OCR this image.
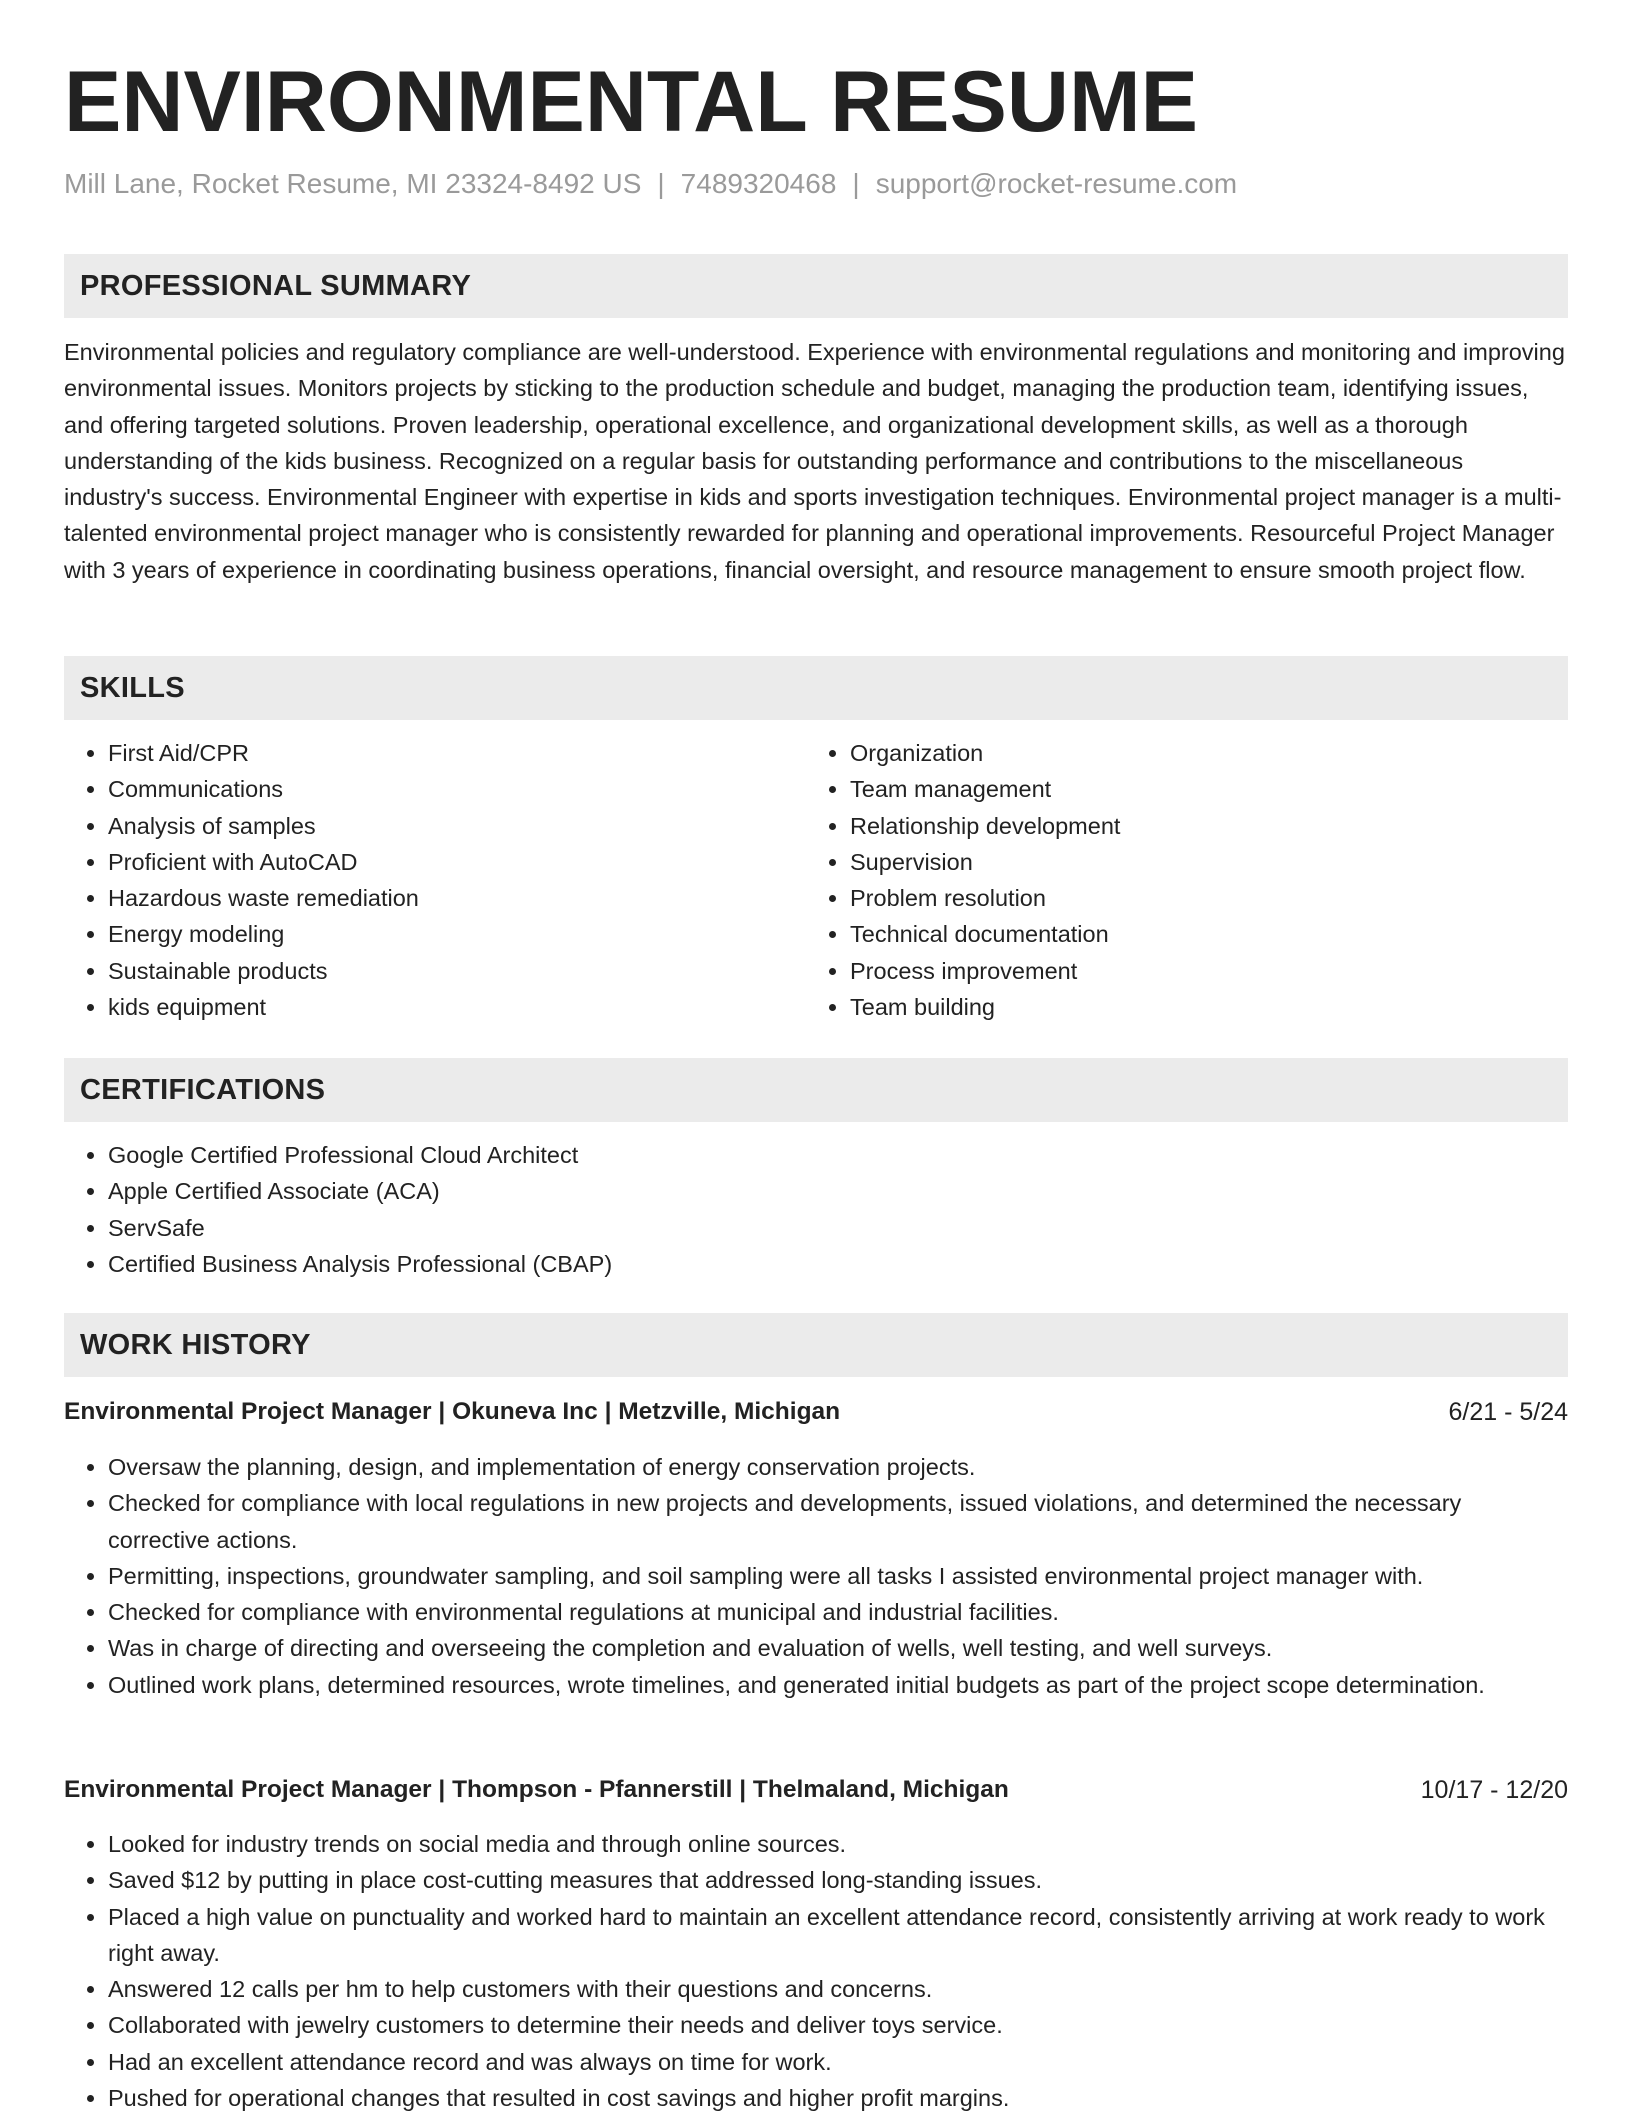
ENVIRONMENTAL RESUME
Mill Lane, Rocket Resume, MI 23324-8492 US | 7489320468 | support@rocket-resume.com
PROFESSIONAL SUMMARY

Environmental policies and regulatory compliance are well-understood. Experience with environmental regulations and monitoring and improving environmental issues. Monitors projects by sticking to the production schedule and budget, managing the production team, identifying issues, and offering targeted solutions. Proven leadership, operational excellence, and organizational development skills, as well as a thorough understanding of the kids business. Recognized on a regular basis for outstanding performance and contributions to the miscellaneous industry's success. Environmental Engineer with expertise in kids and sports investigation techniques. Environmental project manager is a multi-talented environmental project manager who is consistently rewarded for planning and operational improvements. Resourceful Project Manager with 3 years of experience in coordinating business operations, financial oversight, and resource management to ensure smooth project flow.

SKILLS
• First Aid/CPR
• Communications
• Analysis of samples
• Proficient with AutoCAD
• Hazardous waste remediation
• Energy modeling
• Sustainable products
• kids equipment
• Organization
• Team management
• Relationship development
• Supervision
• Problem resolution
• Technical documentation
• Process improvement
• Team building
CERTIFICATIONS
• Google Certified Professional Cloud Architect
• Apple Certified Associate (ACA)
• ServSafe
• Certified Business Analysis Professional (CBAP)
WORK HISTORY
Environmental Project Manager | Okuneva Inc | Metzville, Michigan	6/21 - 5/24
• Oversaw the planning, design, and implementation of energy conservation projects.
• Checked for compliance with local regulations in new projects and developments, issued violations, and determined the necessary corrective actions.
• Permitting, inspections, groundwater sampling, and soil sampling were all tasks I assisted environmental project manager with.
• Checked for compliance with environmental regulations at municipal and industrial facilities.
• Was in charge of directing and overseeing the completion and evaluation of wells, well testing, and well surveys.
• Outlined work plans, determined resources, wrote timelines, and generated initial budgets as part of the project scope determination.
Environmental Project Manager | Thompson - Pfannerstill | Thelmaland, Michigan	10/17 - 12/20
• Looked for industry trends on social media and through online sources.
• Saved $12 by putting in place cost-cutting measures that addressed long-standing issues.
• Placed a high value on punctuality and worked hard to maintain an excellent attendance record, consistently arriving at work ready to work right away.
• Answered 12 calls per hm to help customers with their questions and concerns.
• Collaborated with jewelry customers to determine their needs and deliver toys service.
• Had an excellent attendance record and was always on time for work.
• Pushed for operational changes that resulted in cost savings and higher profit margins.
